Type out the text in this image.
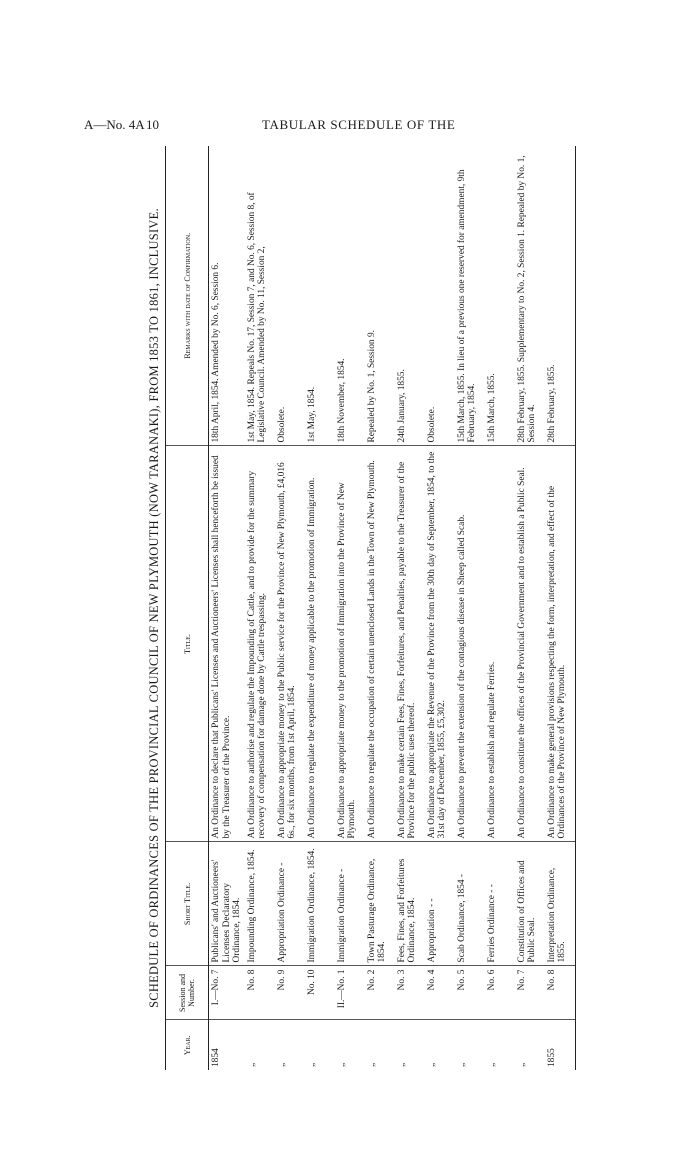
A—No. 4A 10	TABULAR SCHEDULE OF THE
SCHEDULE OF ORDINANCES OF THE PROVINCIAL COUNCIL OF NEW PLYMOUTH (NOW TARANAKI), FROM 1853 TO 1861, INCLUSIVE.
Year.	Session and Number.	Short Title.	Title.	Remarks with date of Confirmation.
1854	I.—No. 7	Publicans' and Auctioneers' Licenses Declaratory Ordinance, 1854.	An Ordinance to declare that Publicans' Licenses and Auctioneers' Licenses shall henceforth be issued by the Treasurer of the Province.	18th April, 1854. Amended by No. 6, Session 6.
„	No. 8	Impounding Ordinance, 1854.	An Ordinance to authorise and regulate the Impounding of Cattle, and to provide for the summary recovery of compensation for damage done by Cattle trespassing.	1st May, 1854. Repeals No. 17, Session 7, and No. 6, Session 8, of Legislative Council. Amended by No. 11, Session 2,
„	No. 9	Appropriation Ordinance -	An Ordinance to appropriate money to the Public service for the Province of New Plymouth, £4,016 6s., for six months, from 1st April, 1854.	Obsolete.
„	No. 10	Immigration Ordinance, 1854.	An Ordinance to regulate the expenditure of money applicable to the promotion of Immigration.	1st May, 1854.
„	II.—No. 1	Immigration Ordinance -	An Ordinance to appropriate money to the promotion of Immigration into the Province of New Plymouth.	18th November, 1854.
„	No. 2	Town Pasturage Ordinance, 1854.	An Ordinance to regulate the occupation of certain unenclosed Lands in the Town of New Plymouth.	Repealed by No. 1, Session 9.
„	No. 3	Fees, Fines, and Forfeitures Ordinance, 1854.	An Ordinance to make certain Fees, Fines, Forfeitures, and Penalties, payable to the Treasurer of the Province for the public uses thereof.	24th January, 1855.
„	No. 4	Appropriation - -	An Ordinance to appropriate the Revenue of the Province from the 30th day of September, 1854, to the 31st day of December, 1855, £5,302.	Obsolete.
„	No. 5	Scab Ordinance, 1854 -	An Ordinance to prevent the extension of the contagious disease in Sheep called Scab.	15th March, 1855. In lieu of a previous one reserved for amendment, 9th February, 1854.
„	No. 6	Ferries Ordinance - -	An Ordinance to establish and regulate Ferries.	15th March, 1855.
„	No. 7	Constitution of Offices and Public Seal.	An Ordinance to constitute the offices of the Provincial Government and to establish a Public Seal.	28th February, 1855. Supplementary to No. 2, Session 1. Repealed by No. 1, Session 4.
1855	No. 8	Interpretation Ordinance, 1855.	An Ordinance to make general provisions respecting the form, interpretation, and effect of the Ordinances of the Province of New Plymouth.	28th February, 1855.
